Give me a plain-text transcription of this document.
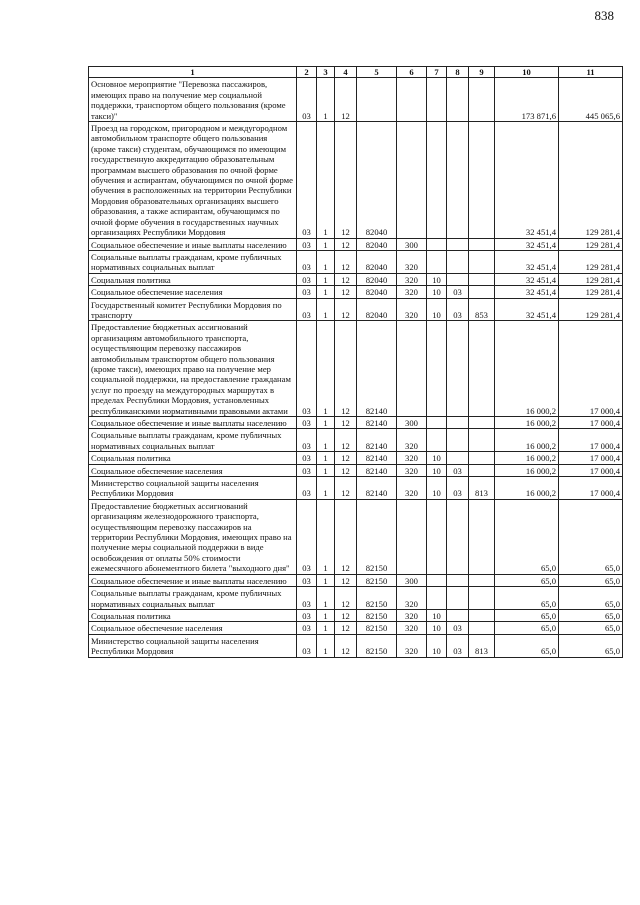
838
1	2	3	4	5	6	7	8	9	10	11
Основное мероприятие "Перевозка пассажиров, имеющих право на получение мер социальной поддержки, транспортом общего пользования (кроме такси)"	03	1	12						173 871,6	445 065,6
Проезд на городском, пригородном и междугородном автомобильном транспорте общего пользования (кроме такси) студентам, обучающимся по имеющим государственную аккредитацию образовательным программам высшего образования по очной форме обучения и аспирантам, обучающимся по очной форме обучения в расположенных на территории Республики Мордовия образовательных организациях высшего образования, а также аспирантам, обучающимся по очной форме обучения в государственных научных организациях Республики Мордовия	03	1	12	82040					32 451,4	129 281,4
Социальное обеспечение и иные выплаты населению	03	1	12	82040	300				32 451,4	129 281,4
Социальные выплаты гражданам, кроме публичных нормативных социальных выплат	03	1	12	82040	320				32 451,4	129 281,4
Социальная политика	03	1	12	82040	320	10			32 451,4	129 281,4
Социальное обеспечение населения	03	1	12	82040	320	10	03		32 451,4	129 281,4
Государственный комитет Республики Мордовия по транспорту	03	1	12	82040	320	10	03	853	32 451,4	129 281,4
Предоставление бюджетных ассигнований организациям автомобильного транспорта, осуществляющим перевозку пассажиров автомобильным транспортом общего пользования (кроме такси), имеющих право на получение мер социальной поддержки, на предоставление гражданам услуг по проезду на междугородных маршрутах в пределах Республики Мордовия, установленных республиканскими нормативными правовыми актами	03	1	12	82140					16 000,2	17 000,4
Социальное обеспечение и иные выплаты населению	03	1	12	82140	300				16 000,2	17 000,4
Социальные выплаты гражданам, кроме публичных нормативных социальных выплат	03	1	12	82140	320				16 000,2	17 000,4
Социальная политика	03	1	12	82140	320	10			16 000,2	17 000,4
Социальное обеспечение населения	03	1	12	82140	320	10	03		16 000,2	17 000,4
Министерство социальной защиты населения Республики Мордовия	03	1	12	82140	320	10	03	813	16 000,2	17 000,4
Предоставление бюджетных ассигнований организациям железнодорожного транспорта, осуществляющим перевозку пассажиров на территории Республики Мордовия, имеющих право на получение меры социальной поддержки в виде освобождения от оплаты 50% стоимости ежемесячного абонементного билета "выходного дня"	03	1	12	82150					65,0	65,0
Социальное обеспечение и иные выплаты населению	03	1	12	82150	300				65,0	65,0
Социальные выплаты гражданам, кроме публичных нормативных социальных выплат	03	1	12	82150	320				65,0	65,0
Социальная политика	03	1	12	82150	320	10			65,0	65,0
Социальное обеспечение населения	03	1	12	82150	320	10	03		65,0	65,0
Министерство социальной защиты населения Республики Мордовия	03	1	12	82150	320	10	03	813	65,0	65,0
